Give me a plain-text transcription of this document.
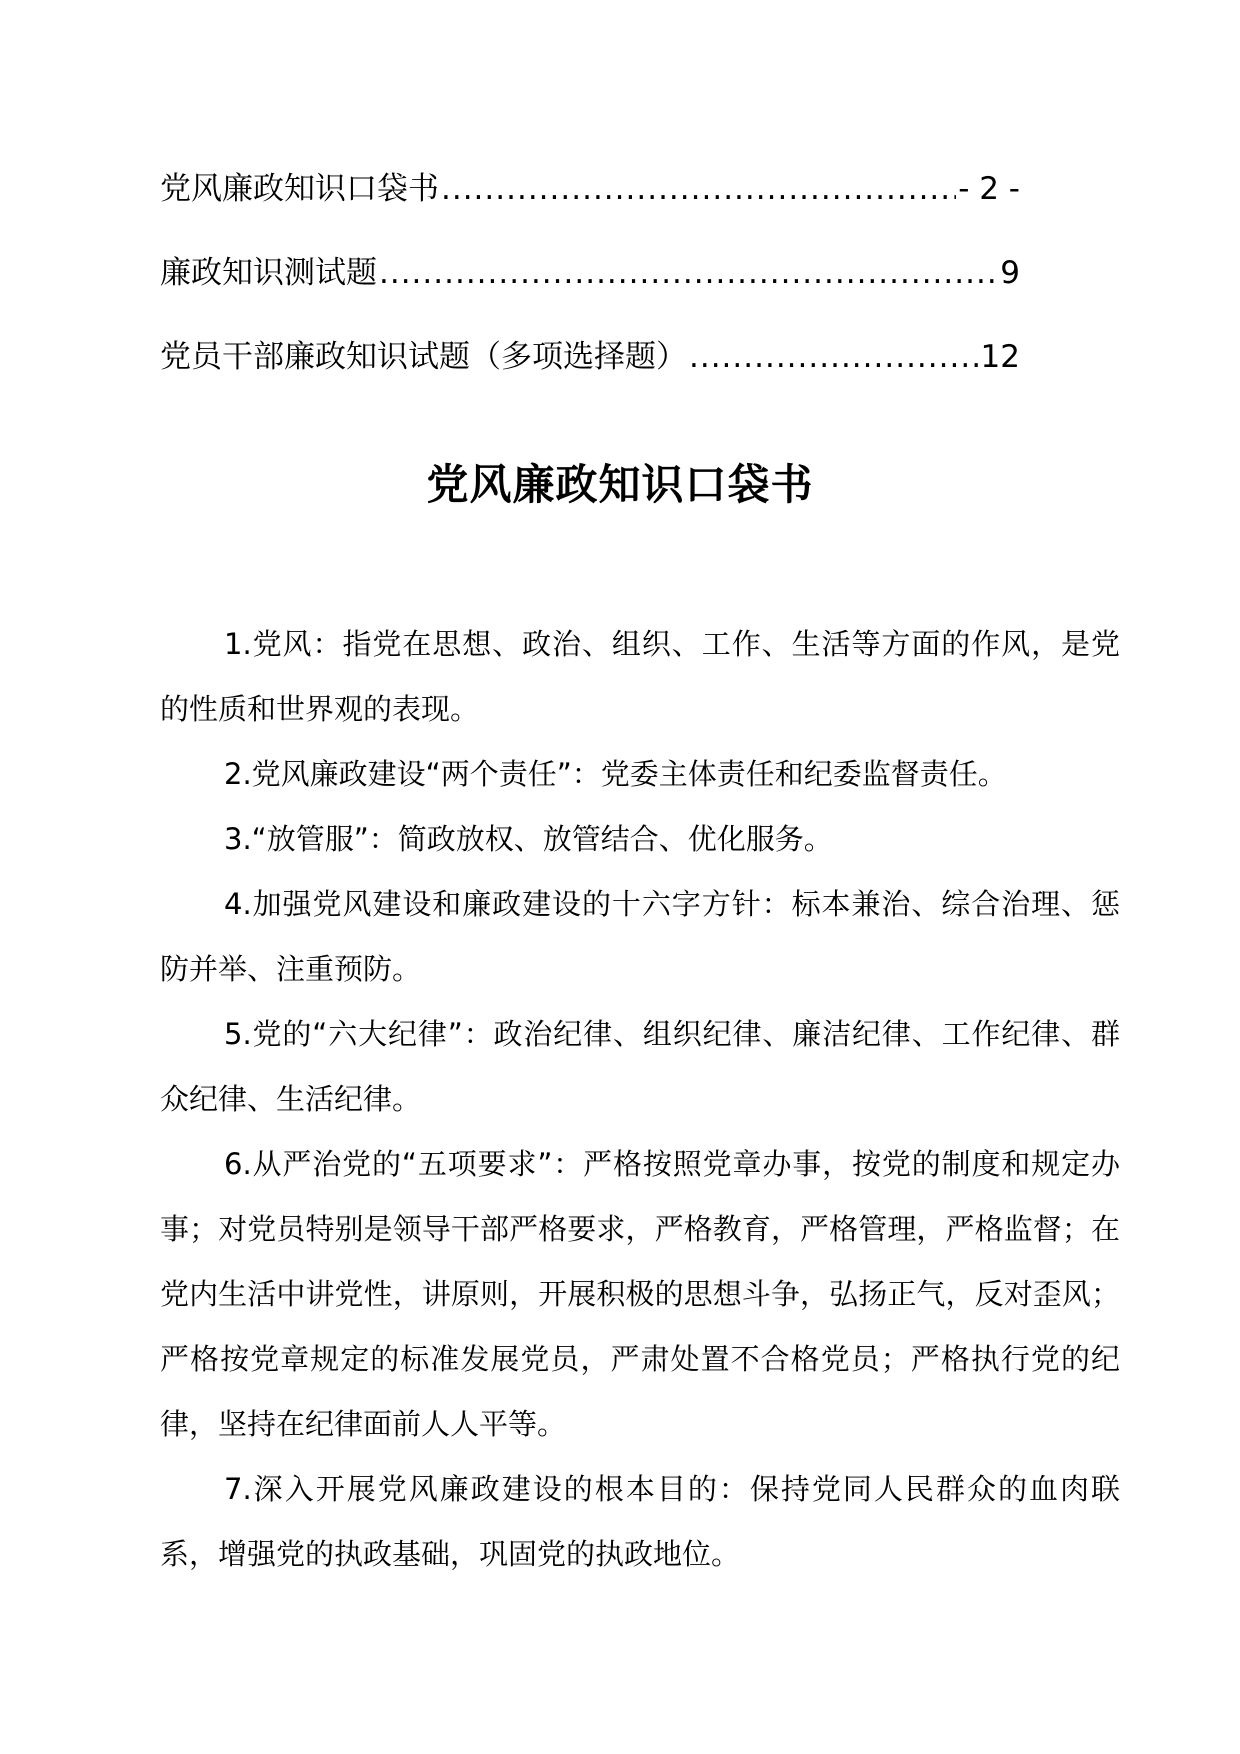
党风廉政知识口袋书 .....	- 2 -
廉政知识测试题 .....	9
党员干部廉政知识试题（多项选择题） .....	12
党风廉政知识口袋书

1.党风：指党在思想、政治、组织、工作、生活等方面的作风，是党的性质和世界观的表现。

2.党风廉政建设“两个责任”：党委主体责任和纪委监督责任。

3.“放管服”：简政放权、放管结合、优化服务。

4.加强党风建设和廉政建设的十六字方针：标本兼治、综合治理、惩防并举、注重预防。

5.党的“六大纪律”：政治纪律、组织纪律、廉洁纪律、工作纪律、群众纪律、生活纪律。

6.从严治党的“五项要求”：严格按照党章办事，按党的制度和规定办事；对党员特别是领导干部严格要求，严格教育，严格管理，严格监督；在党内生活中讲党性，讲原则，开展积极的思想斗争，弘扬正气，反对歪风；严格按党章规定的标准发展党员，严肃处置不合格党员；严格执行党的纪律，坚持在纪律面前人人平等。

7.深入开展党风廉政建设的根本目的：保持党同人民群众的血肉联系，增强党的执政基础，巩固党的执政地位。
